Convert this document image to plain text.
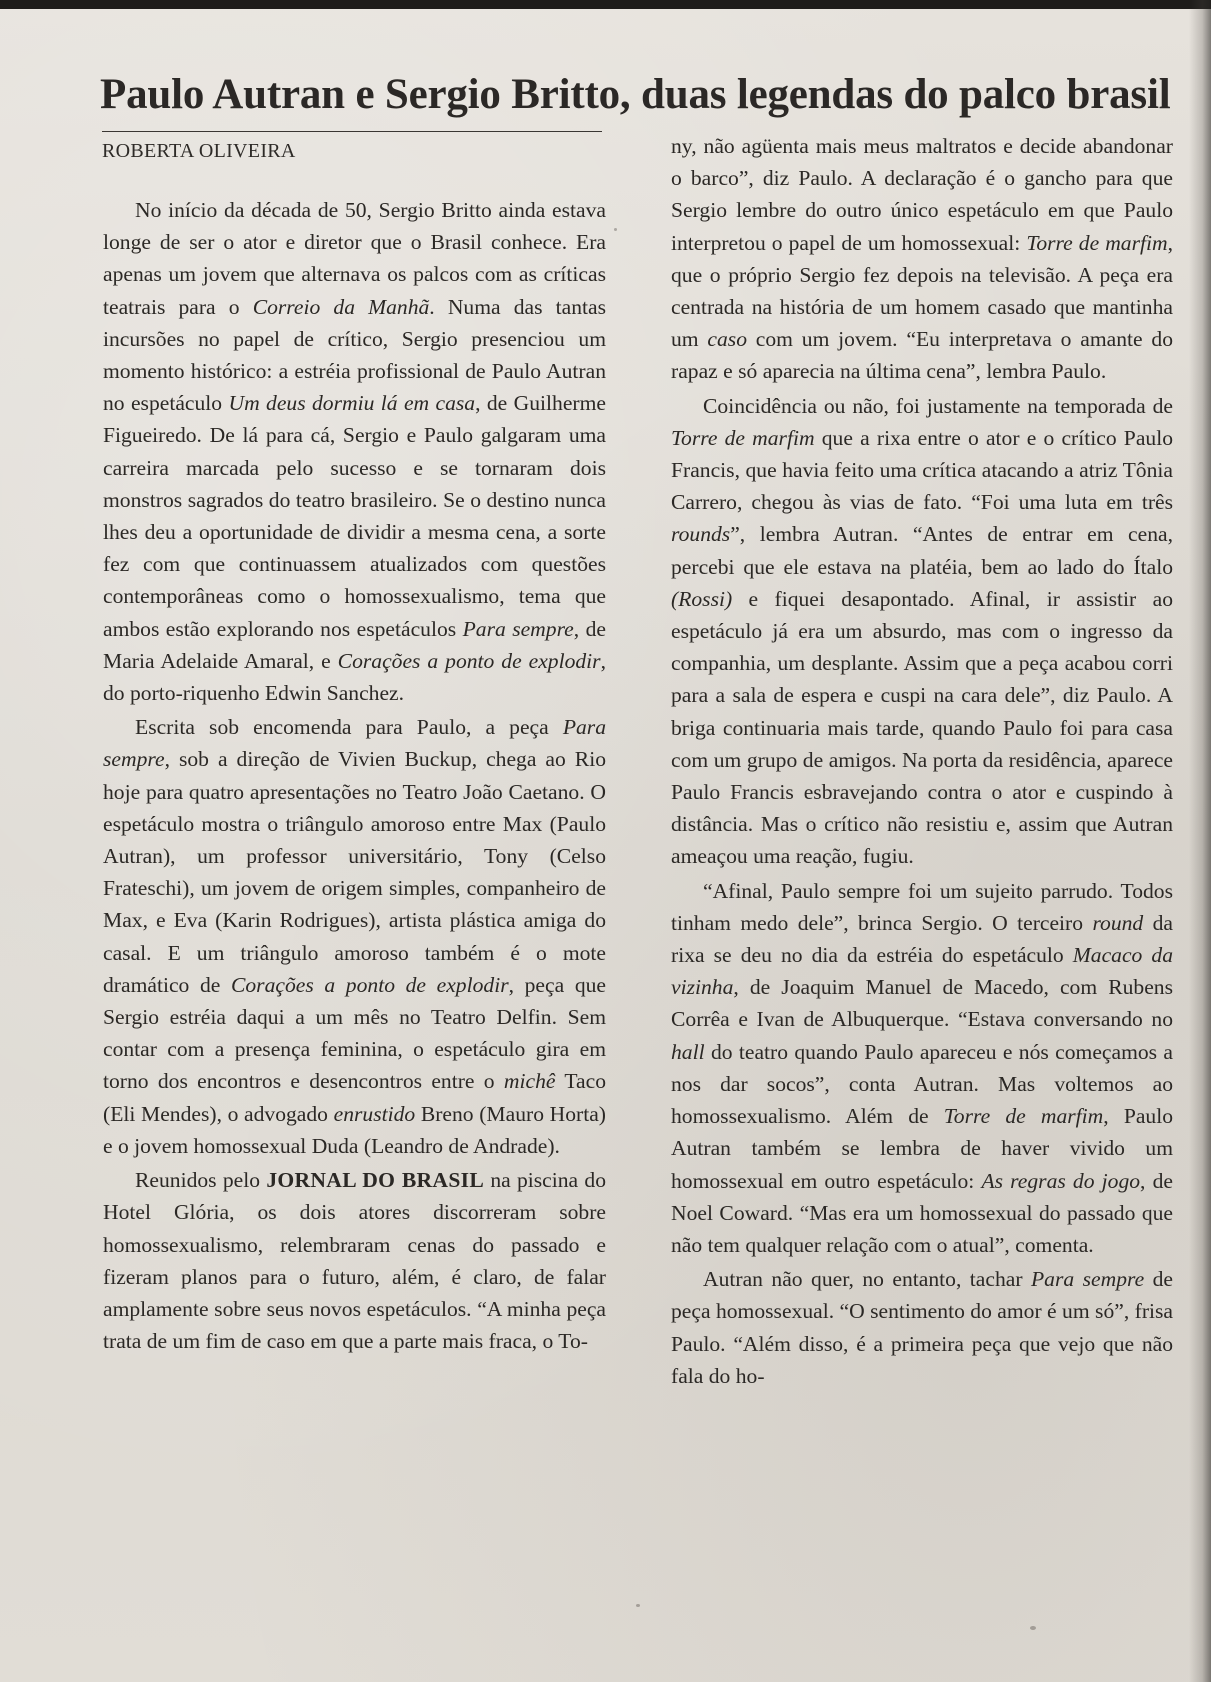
Paulo Autran e Sergio Britto, duas legendas do palco brasil
ROBERTA OLIVEIRA

No início da década de 50, Sergio Britto ainda estava longe de ser o ator e diretor que o Brasil conhece. Era apenas um jovem que alternava os palcos com as críticas teatrais para o Correio da Manhã. Numa das tantas incursões no papel de crítico, Sergio presenciou um momento histórico: a estréia profissional de Paulo Autran no espetáculo Um deus dormiu lá em casa, de Guilherme Figueiredo. De lá para cá, Sergio e Paulo galgaram uma carreira marcada pelo sucesso e se tornaram dois monstros sagrados do teatro brasileiro. Se o destino nunca lhes deu a oportunidade de dividir a mesma cena, a sorte fez com que continuassem atualizados com questões contemporâneas como o homossexualismo, tema que ambos estão explorando nos espetáculos Para sempre, de Maria Adelaide Amaral, e Corações a ponto de explodir, do porto-riquenho Edwin Sanchez.

Escrita sob encomenda para Paulo, a peça Para sempre, sob a direção de Vivien Buckup, chega ao Rio hoje para quatro apresentações no Teatro João Caetano. O espetáculo mostra o triângulo amoroso entre Max (Paulo Autran), um professor universitário, Tony (Celso Frateschi), um jovem de origem simples, companheiro de Max, e Eva (Karin Rodrigues), artista plástica amiga do casal. E um triângulo amoroso também é o mote dramático de Corações a ponto de explodir, peça que Sergio estréia daqui a um mês no Teatro Delfin. Sem contar com a presença feminina, o espetáculo gira em torno dos encontros e desencontros entre o michê Taco (Eli Mendes), o advogado enrustido Breno (Mauro Horta) e o jovem homossexual Duda (Leandro de Andrade).

Reunidos pelo JORNAL DO BRASIL na piscina do Hotel Glória, os dois atores discorreram sobre homossexualismo, relembraram cenas do passado e fizeram planos para o futuro, além, é claro, de falar amplamente sobre seus novos espetáculos. “A minha peça trata de um fim de caso em que a parte mais fraca, o To-

ny, não agüenta mais meus maltratos e decide abandonar o barco”, diz Paulo. A declaração é o gancho para que Sergio lembre do outro único espetáculo em que Paulo interpretou o papel de um homossexual: Torre de marfim, que o próprio Sergio fez depois na televisão. A peça era centrada na história de um homem casado que mantinha um caso com um jovem. “Eu interpretava o amante do rapaz e só aparecia na última cena”, lembra Paulo.

Coincidência ou não, foi justamente na temporada de Torre de marfim que a rixa entre o ator e o crítico Paulo Francis, que havia feito uma crítica atacando a atriz Tônia Carrero, chegou às vias de fato. “Foi uma luta em três rounds”, lembra Autran. “Antes de entrar em cena, percebi que ele estava na platéia, bem ao lado do Ítalo (Rossi) e fiquei desapontado. Afinal, ir assistir ao espetáculo já era um absurdo, mas com o ingresso da companhia, um desplante. Assim que a peça acabou corri para a sala de espera e cuspi na cara dele”, diz Paulo. A briga continuaria mais tarde, quando Paulo foi para casa com um grupo de amigos. Na porta da residência, aparece Paulo Francis esbravejando contra o ator e cuspindo à distância. Mas o crítico não resistiu e, assim que Autran ameaçou uma reação, fugiu.

“Afinal, Paulo sempre foi um sujeito parrudo. Todos tinham medo dele”, brinca Sergio. O terceiro round da rixa se deu no dia da estréia do espetáculo Macaco da vizinha, de Joaquim Manuel de Macedo, com Rubens Corrêa e Ivan de Albuquerque. “Estava conversando no hall do teatro quando Paulo apareceu e nós começamos a nos dar socos”, conta Autran. Mas voltemos ao homossexualismo. Além de Torre de marfim, Paulo Autran também se lembra de haver vivido um homossexual em outro espetáculo: As regras do jogo, de Noel Coward. “Mas era um homossexual do passado que não tem qualquer relação com o atual”, comenta.

Autran não quer, no entanto, tachar Para sempre de peça homossexual. “O sentimento do amor é um só”, frisa Paulo. “Além disso, é a primeira peça que vejo que não fala do ho-
